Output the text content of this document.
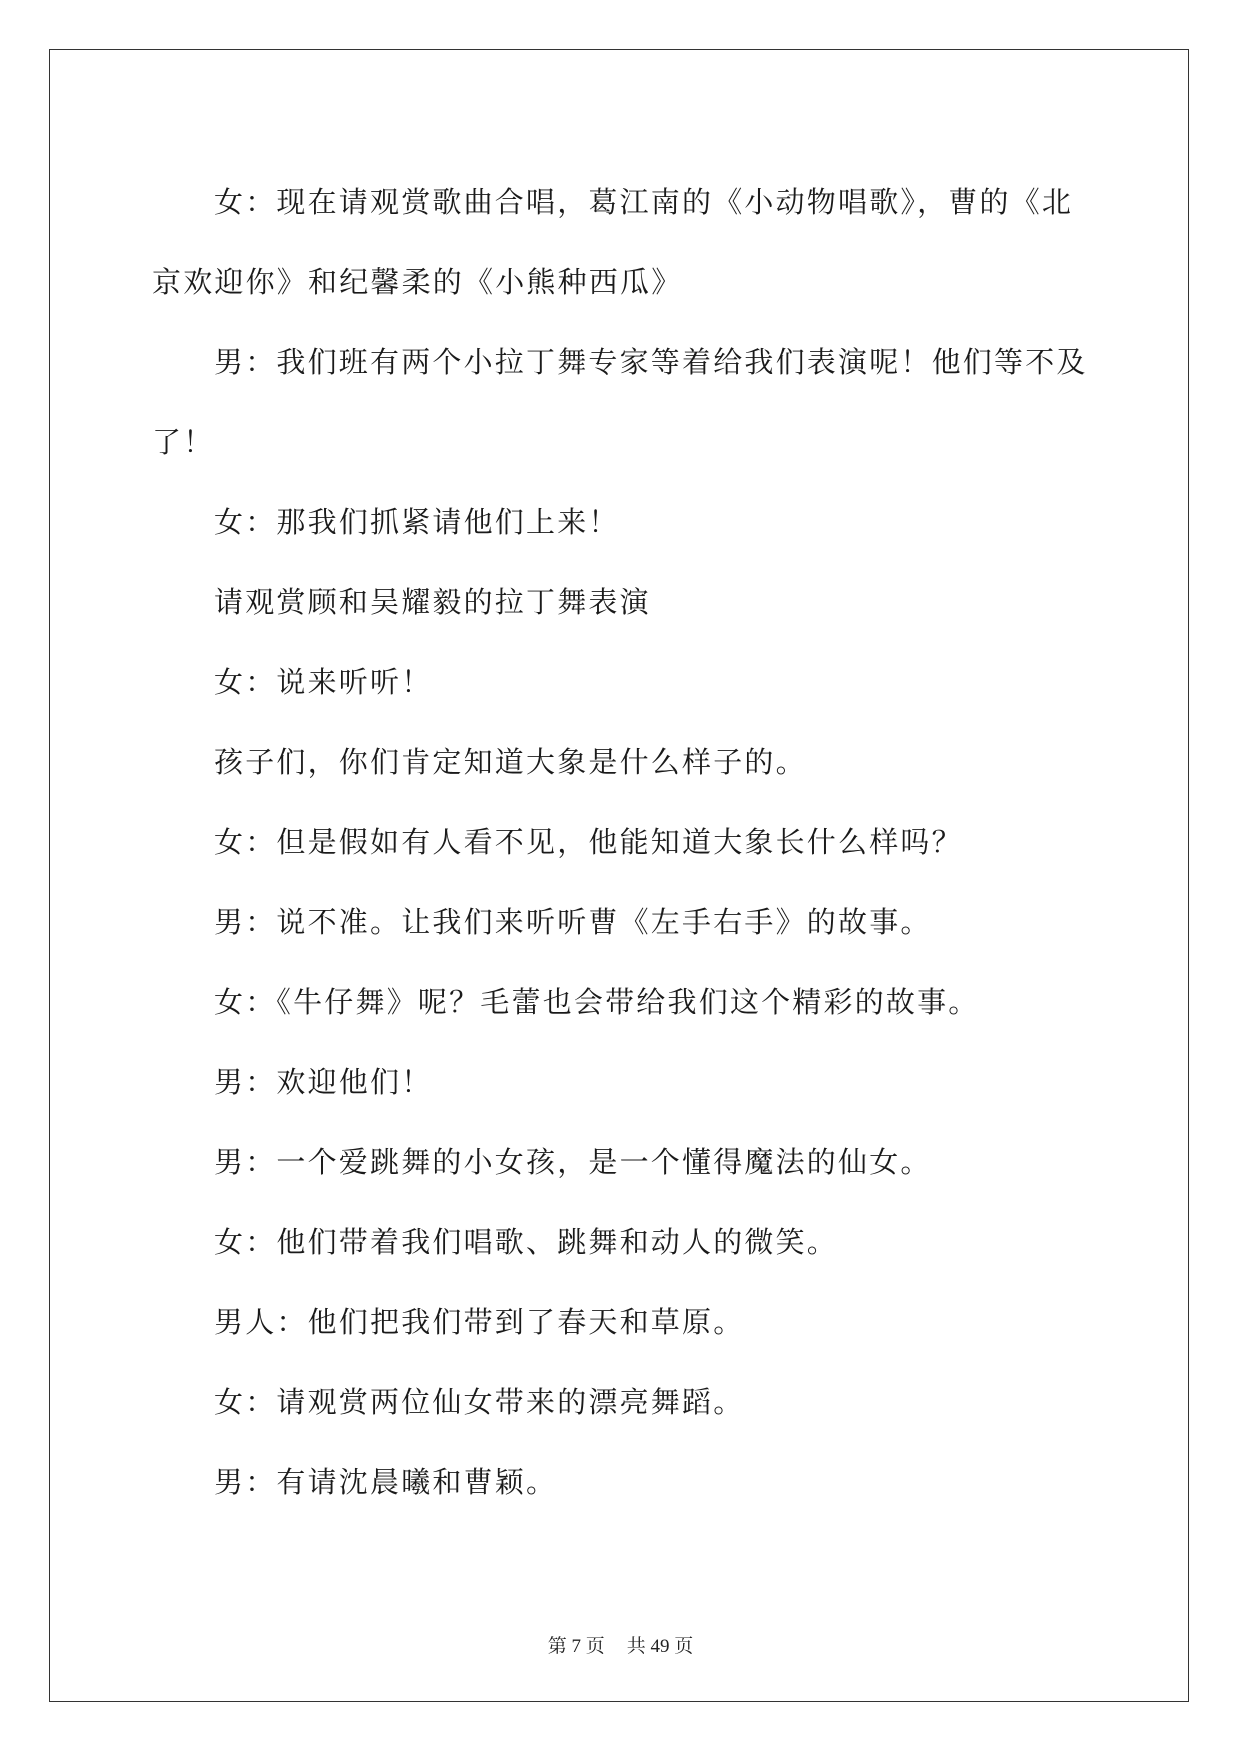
女：现在请观赏歌曲合唱，葛江南的《小动物唱歌》，曹的《北京欢迎你》和纪馨柔的《小熊种西瓜》

男：我们班有两个小拉丁舞专家等着给我们表演呢！他们等不及了！

女：那我们抓紧请他们上来！

请观赏顾和吴耀毅的拉丁舞表演

女：说来听听！

孩子们，你们肯定知道大象是什么样子的。

女：但是假如有人看不见，他能知道大象长什么样吗？

男：说不准。让我们来听听曹《左手右手》的故事。

女：《牛仔舞》呢？毛蕾也会带给我们这个精彩的故事。

男：欢迎他们！

男：一个爱跳舞的小女孩，是一个懂得魔法的仙女。

女：他们带着我们唱歌、跳舞和动人的微笑。

男人：他们把我们带到了春天和草原。

女：请观赏两位仙女带来的漂亮舞蹈。

男：有请沈晨曦和曹颖。

第 7 页 共 49 页
